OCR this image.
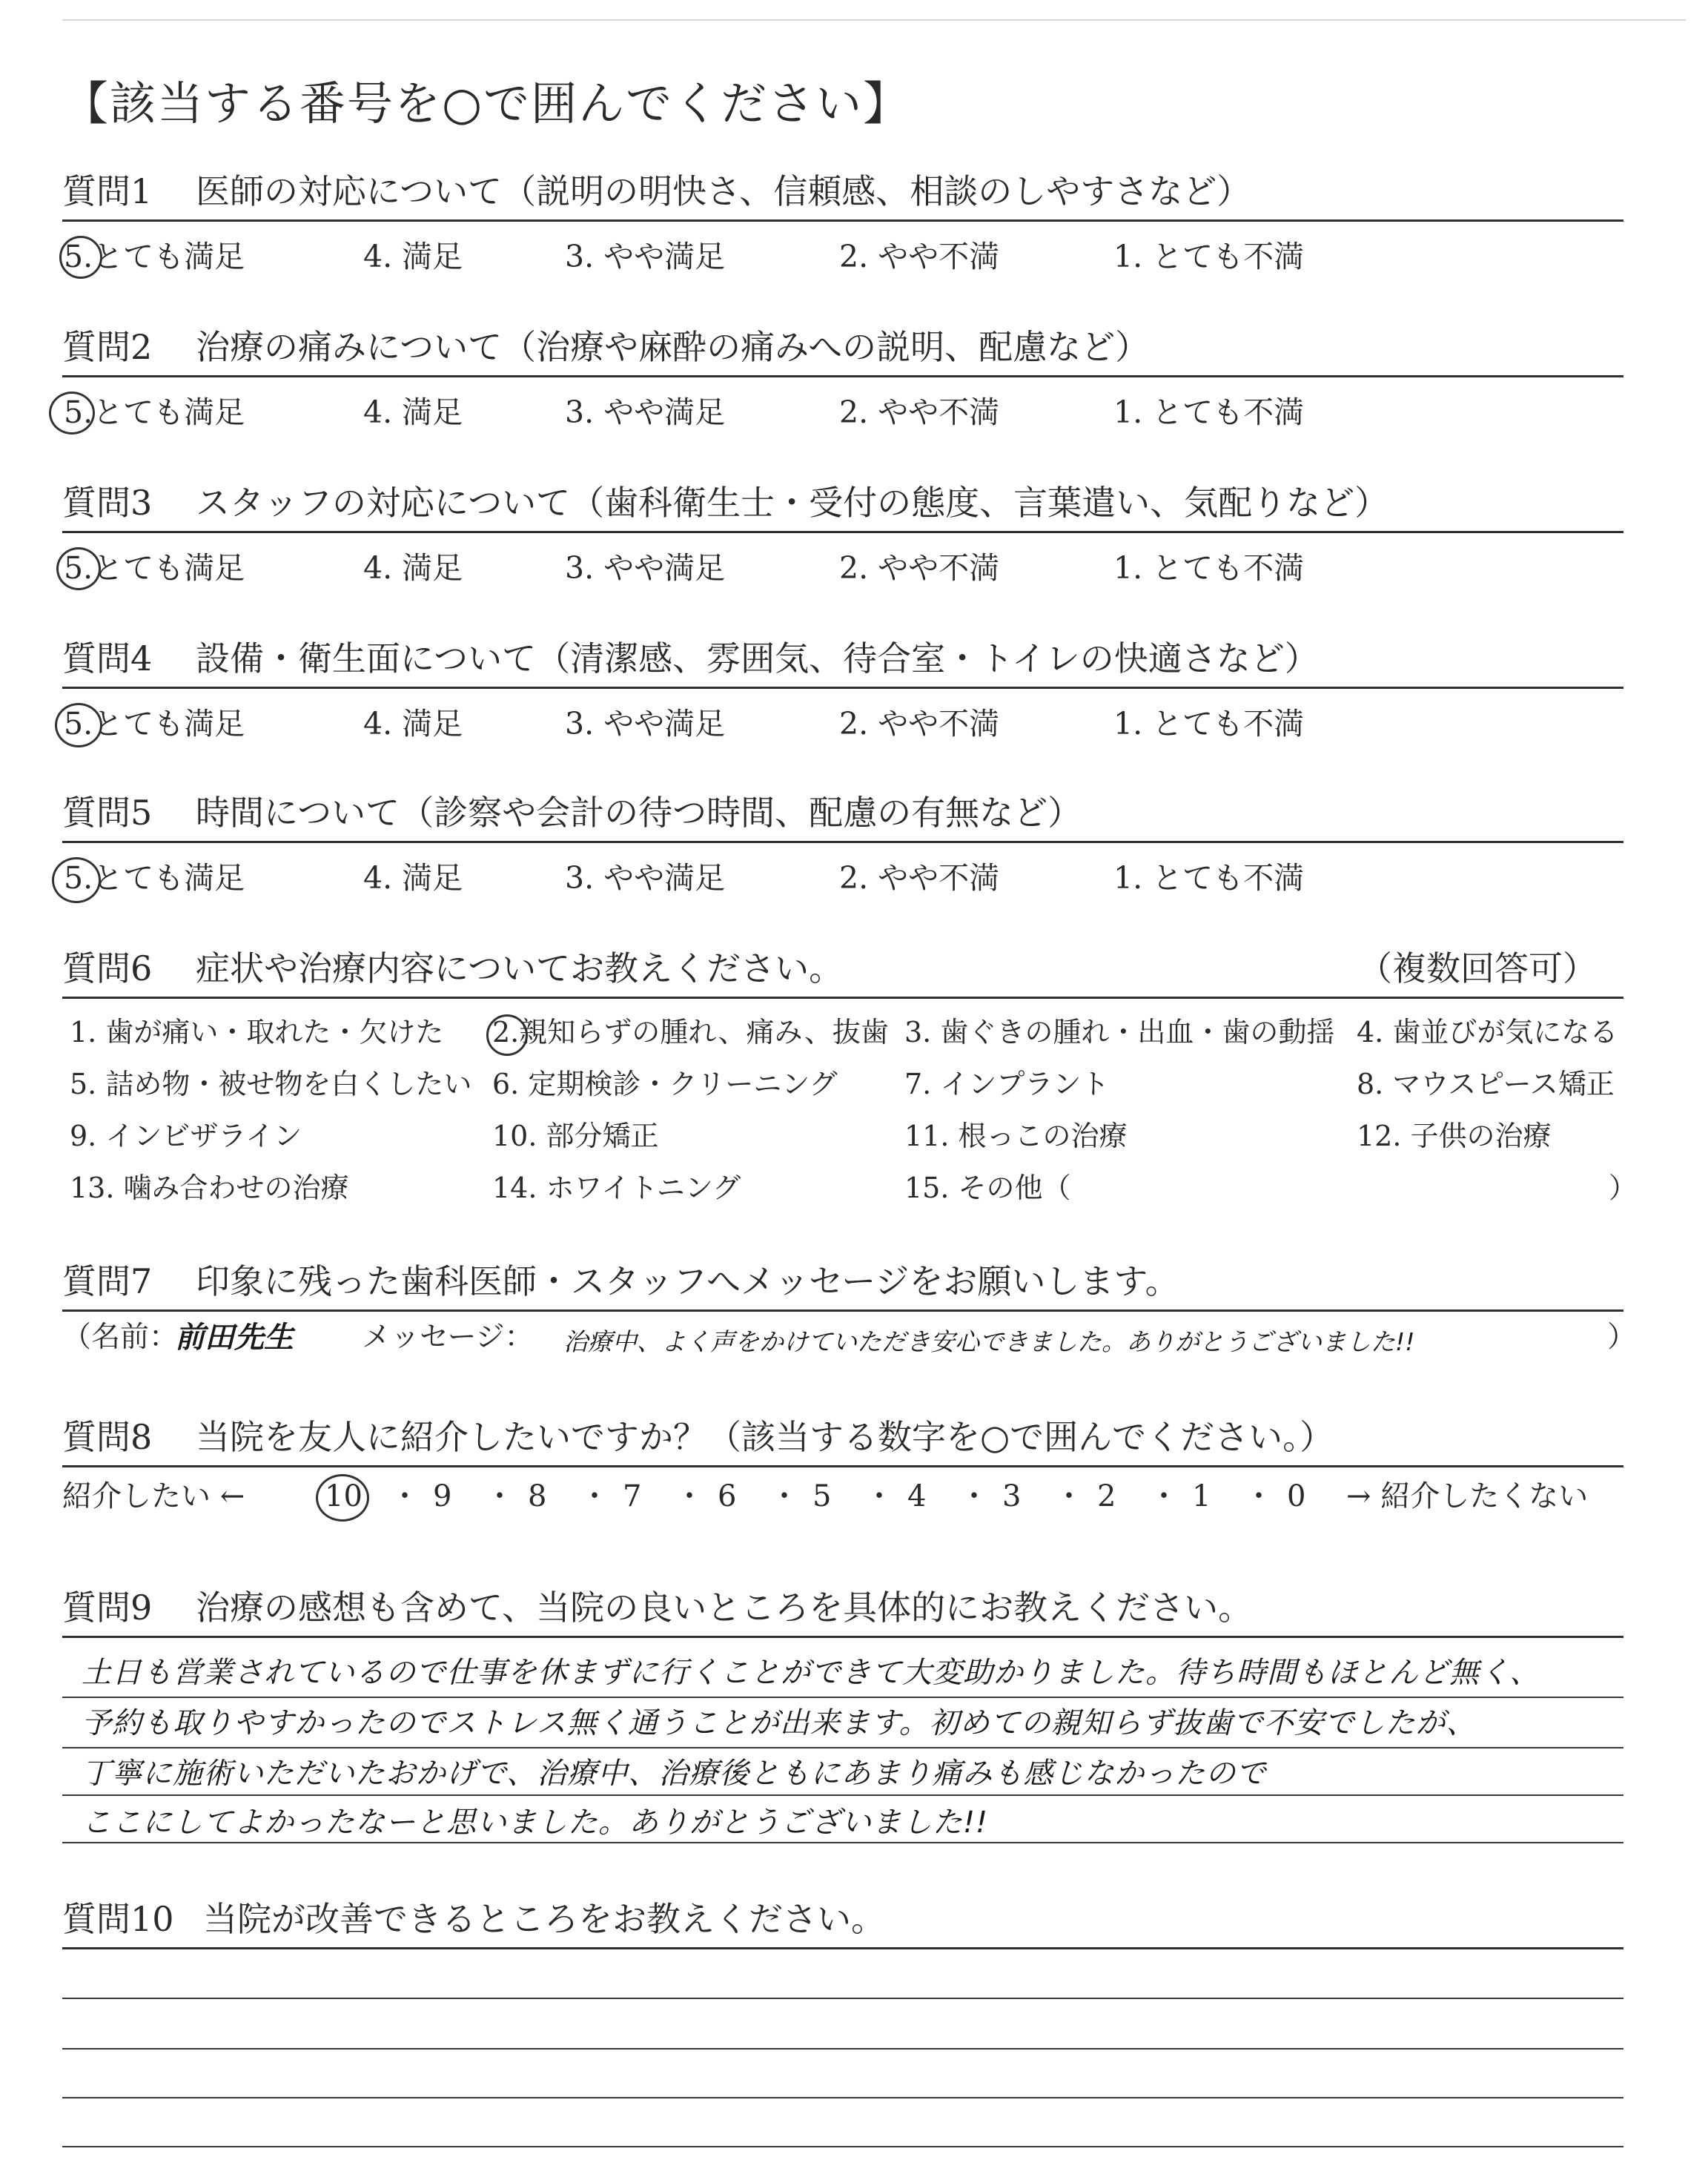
【該当する番号を○で囲んでください】
質問1 医師の対応について（説明の明快さ、信頼感、相談のしやすさなど）
5.とても満足	4. 満足	3. やや満足	2. やや不満	1. とても不満
質問2 治療の痛みについて（治療や麻酔の痛みへの説明、配慮など）
5.とても満足	4. 満足	3. やや満足	2. やや不満	1. とても不満
質問3 スタッフの対応について（歯科衛生士・受付の態度、言葉遣い、気配りなど）
5.とても満足	4. 満足	3. やや満足	2. やや不満	1. とても不満
質問4 設備・衛生面について（清潔感、雰囲気、待合室・トイレの快適さなど）
5.とても満足	4. 満足	3. やや満足	2. やや不満	1. とても不満
質問5 時間について（診察や会計の待つ時間、配慮の有無など）
5.とても満足	4. 満足	3. やや満足	2. やや不満	1. とても不満
質問6 症状や治療内容についてお教えください。	（複数回答可）
1. 歯が痛い・取れた・欠けた 2.親知らずの腫れ、痛み、抜歯 3. 歯ぐきの腫れ・出血・歯の動揺 4. 歯並びが気になる
5. 詰め物・被せ物を白くしたい 6. 定期検診・クリーニング 7. インプラント	8. マウスピース矯正
9. インビザライン	10. 部分矯正	11. 根っこの治療	12. 子供の治療
13. 噛み合わせの治療	14. ホワイトニング	15. その他（	）
質問7 印象に残った歯科医師・スタッフへメッセージをお願いします。
（名前：
前田先生 メッセージ： 治療中、よく声をかけていただき安心できました。ありがとうございました!!	）
質問8 当院を友人に紹介したいですか？（該当する数字を○で囲んでください。）
紹介したい ←	10 ・ 9 ・ 8 ・ 7 ・ 6 ・ 5 ・ 4 ・ 3 ・ 2 ・ 1 ・ 0 → 紹介したくない
質問9 治療の感想も含めて、当院の良いところを具体的にお教えください。
土日も営業されているので仕事を休まずに行くことができて大変助かりました。待ち時間もほとんど無く、
予約も取りやすかったのでストレス無く通うことが出来ます。初めての親知らず抜歯で不安でしたが、
丁寧に施術いただいたおかげで、治療中、治療後ともにあまり痛みも感じなかったので
ここにしてよかったなーと思いました。ありがとうございました!!
質問10 当院が改善できるところをお教えください。
